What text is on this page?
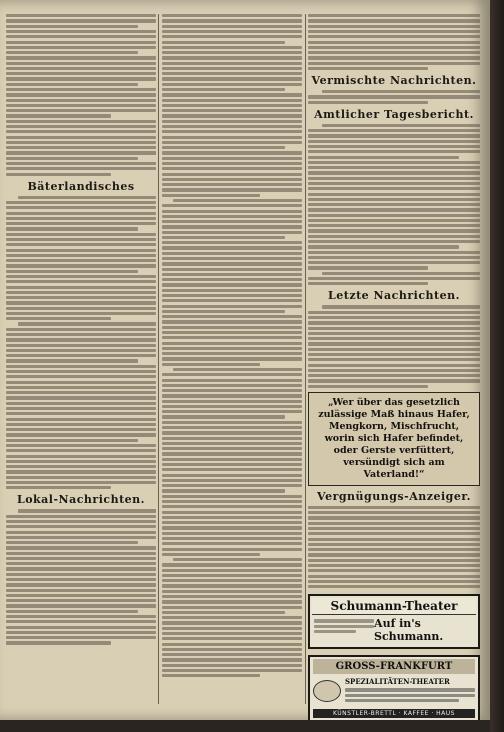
Bäterlandisches
Lokal-Nachrichten.
Vermischte Nachrichten.
Amtlicher Tagesbericht.
Letzte Nachrichten.
„Wer über das gesetzlich zulässige Maß hinaus Hafer, Mengkorn, Mischfrucht, worin sich Hafer befindet, oder Gerste verfüttert, versündigt sich am Vaterland!“
Vergnügungs-Anzeiger.
Schumann-Theater
Auf in's Schumann.
GROSS-FRANKFURT
SPEZIALITÄTEN-THEATER
KÜNSTLER-BRETTL · KAFFEE · HAUS
